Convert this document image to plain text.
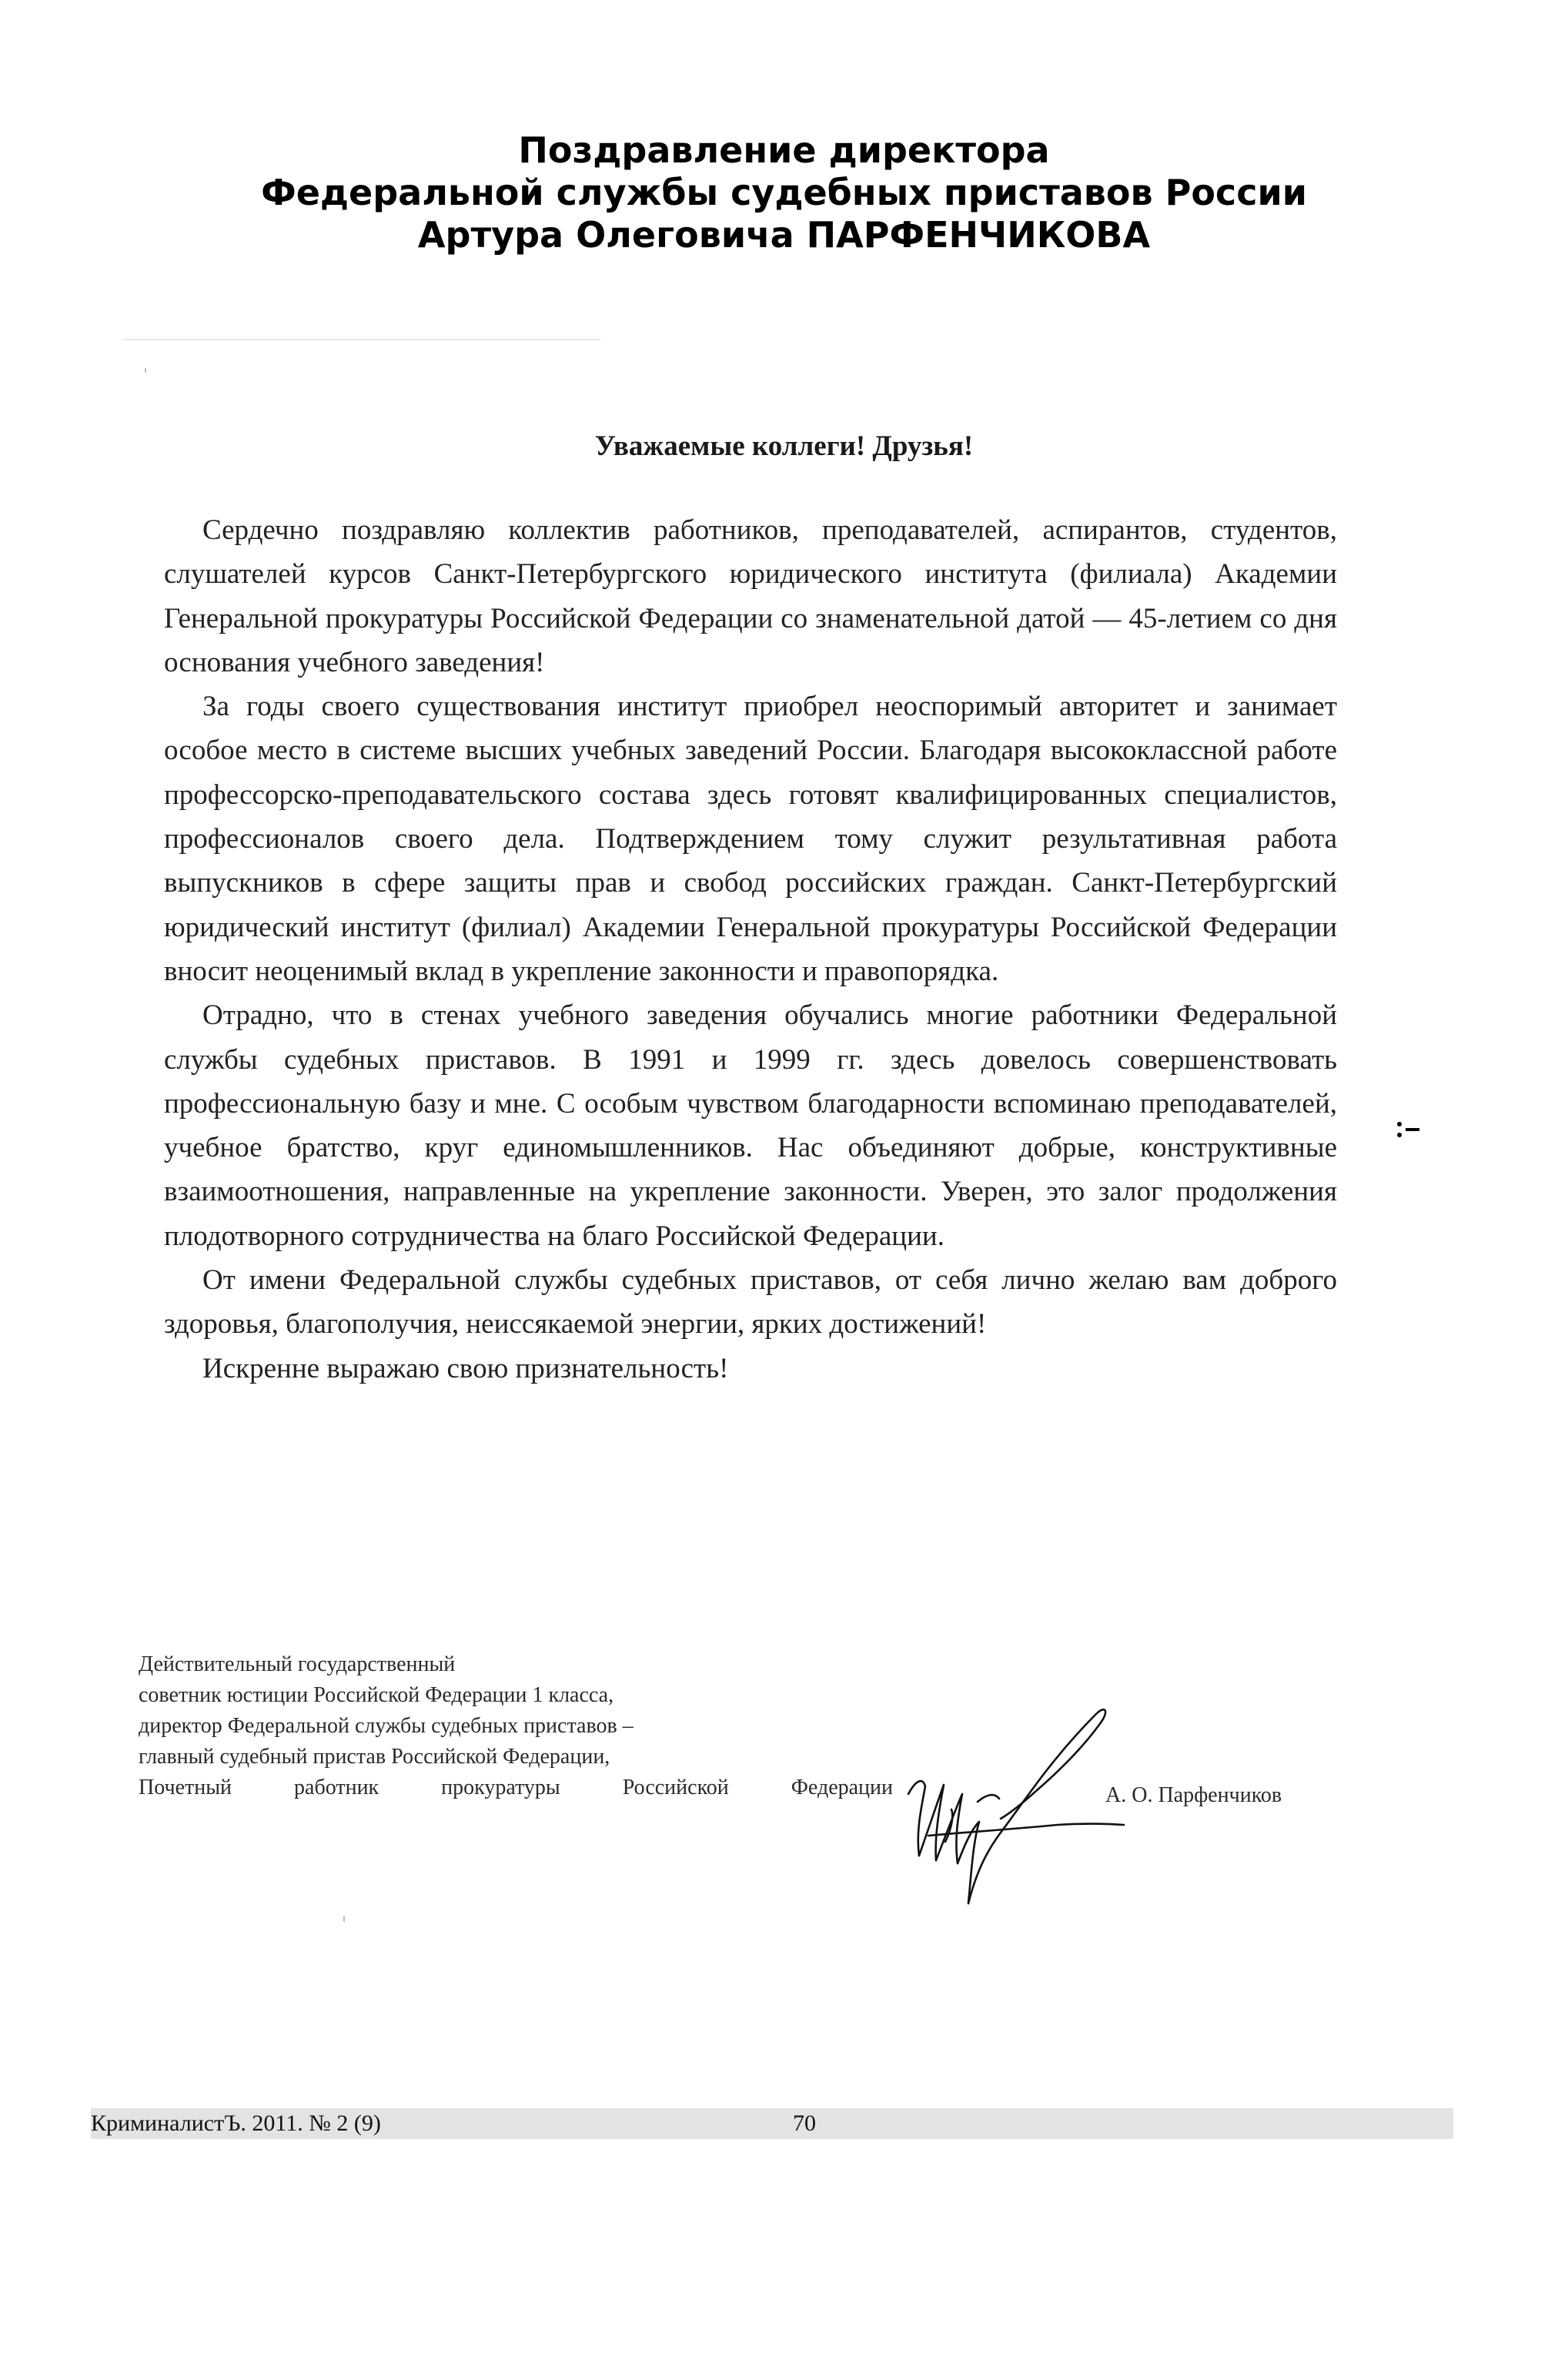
Поздравление директора
Федеральной службы судебных приставов России
Артура Олеговича ПАРФЕНЧИКОВА
Уважаемые коллеги! Друзья!

Сердечно поздравляю коллектив работников, преподавателей, аспирантов, студентов, слушателей курсов Санкт-Петербургского юридического института (филиала) Академии Генеральной прокуратуры Российской Федерации со знаменательной датой — 45-летием со дня основания учебного заведения!

За годы своего существования институт приобрел неоспоримый авторитет и занимает особое место в системе высших учебных заведений России. Благодаря высококлассной работе профессорско-преподавательского состава здесь готовят квалифицированных специалистов, профессионалов своего дела. Подтверждением тому служит результативная работа выпускников в сфере защиты прав и свобод российских граждан. Санкт-Петербургский юридический институт (филиал) Академии Генеральной прокуратуры Российской Федерации вносит неоценимый вклад в укрепление законности и правопорядка.

Отрадно, что в стенах учебного заведения обучались многие работники Федеральной службы судебных приставов. В 1991 и 1999 гг. здесь довелось совершенствовать профессиональную базу и мне. С особым чувством благодарности вспоминаю преподавателей, учебное братство, круг единомышленников. Нас объединяют добрые, конструктивные взаимоотношения, направленные на укрепление законности. Уверен, это залог продолжения плодотворного сотрудничества на благо Российской Федерации.

От имени Федеральной службы судебных приставов, от себя лично желаю вам доброго здоровья, благополучия, неиссякаемой энергии, ярких достижений!

Искренне выражаю свою признательность!

Действительный государственный
советник юстиции Российской Федерации 1 класса,
директор Федеральной службы судебных приставов –
главный судебный пристав Российской Федерации,
Почетный работник прокуратуры Российской Федерации	А. О. Парфенчиков
КриминалистЪ. 2011. № 2 (9)	70
